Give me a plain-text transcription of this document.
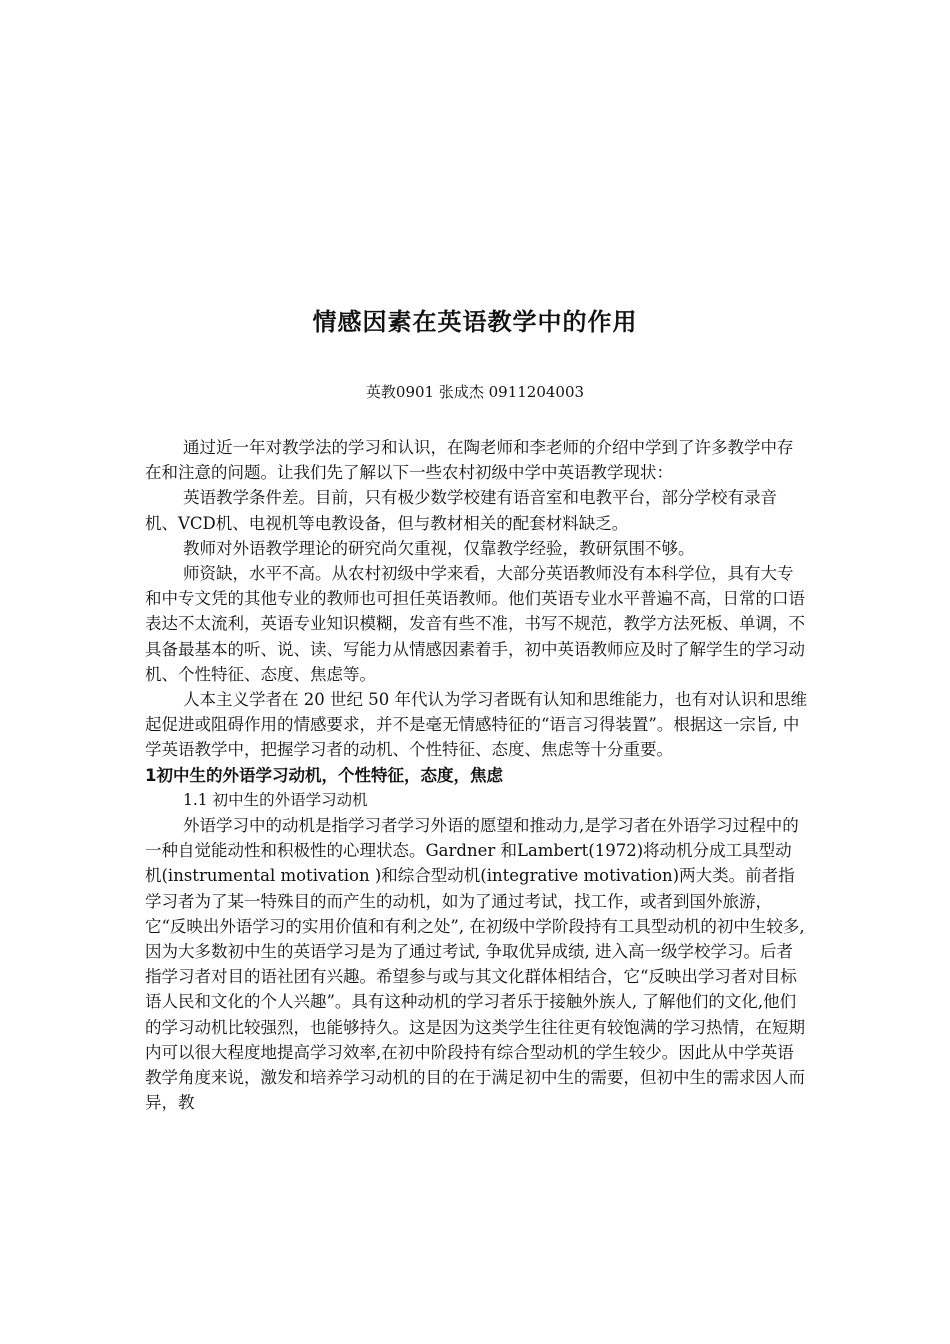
情感因素在英语教学中的作用
英教0901 张成杰 0911204003

通过近一年对教学法的学习和认识，在陶老师和李老师的介绍中学到了许多教学中存在和注意的问题。让我们先了解以下一些农村初级中学中英语教学现状：

英语教学条件差。目前，只有极少数学校建有语音室和电教平台，部分学校有录音机、VCD机、电视机等电教设备，但与教材相关的配套材料缺乏。

教师对外语教学理论的研究尚欠重视，仅靠教学经验，教研氛围不够。

师资缺，水平不高。从农村初级中学来看，大部分英语教师没有本科学位，具有大专和中专文凭的其他专业的教师也可担任英语教师。他们英语专业水平普遍不高，日常的口语表达不太流利，英语专业知识模糊，发音有些不准，书写不规范，教学方法死板、单调，不具备最基本的听、说、读、写能力从情感因素着手，初中英语教师应及时了解学生的学习动机、个性特征、态度、焦虑等。

人本主义学者在 20 世纪 50 年代认为学习者既有认知和思维能力，也有对认识和思维起促进或阻碍作用的情感要求，并不是毫无情感特征的“语言习得装置”。根据这一宗旨, 中学英语教学中，把握学习者的动机、个性特征、态度、焦虑等十分重要。

1初中生的外语学习动机，个性特征，态度，焦虑

1.1 初中生的外语学习动机

外语学习中的动机是指学习者学习外语的愿望和推动力,是学习者在外语学习过程中的一种自觉能动性和积极性的心理状态。Gardner 和Lambert(1972)将动机分成工具型动机(instrumental motivation )和综合型动机(integrative motivation)两大类。前者指学习者为了某一特殊目的而产生的动机，如为了通过考试，找工作，或者到国外旅游，它“反映出外语学习的实用价值和有利之处”, 在初级中学阶段持有工具型动机的初中生较多, 因为大多数初中生的英语学习是为了通过考试, 争取优异成绩, 进入高一级学校学习。后者指学习者对目的语社团有兴趣。希望参与或与其文化群体相结合，它“反映出学习者对目标语人民和文化的个人兴趣”。具有这种动机的学习者乐于接触外族人, 了解他们的文化,他们的学习动机比较强烈，也能够持久。这是因为这类学生往往更有较饱满的学习热情，在短期内可以很大程度地提高学习效率,在初中阶段持有综合型动机的学生较少。因此从中学英语教学角度来说，激发和培养学习动机的目的在于满足初中生的需要，但初中生的需求因人而异，教
